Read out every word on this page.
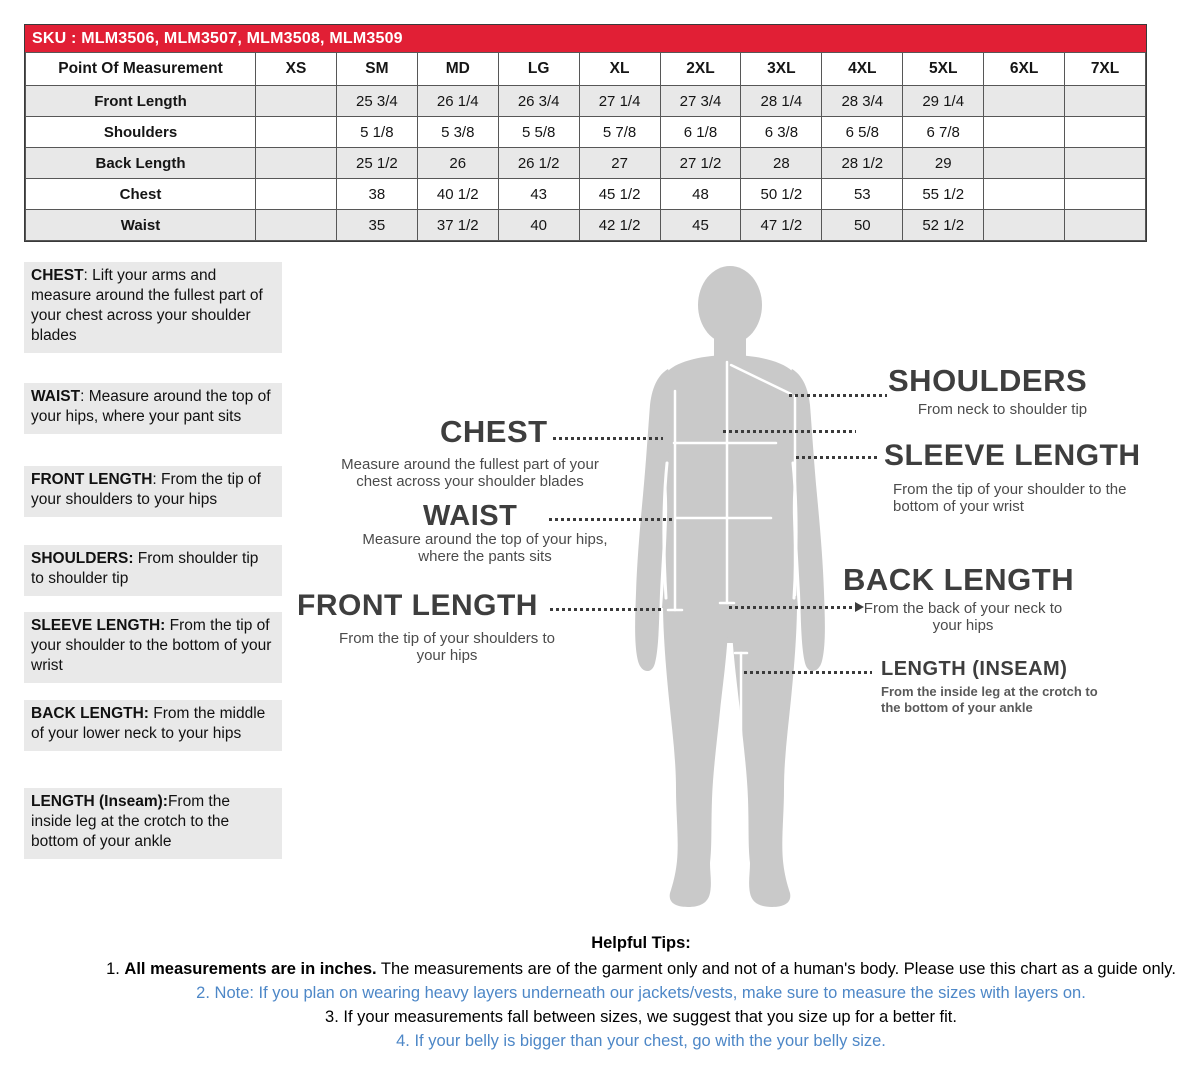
SKU : MLM3506, MLM3507, MLM3508, MLM3509
Point Of Measurement	XS	SM	MD	LG	XL	2XL	3XL	4XL	5XL	6XL	7XL
Front Length		25 3/4	26 1/4	26 3/4	27 1/4	27 3/4	28 1/4	28 3/4	29 1/4		
Shoulders		5 1/8	5 3/8	5 5/8	5 7/8	6 1/8	6 3/8	6 5/8	6 7/8		
Back Length		25 1/2	26	26 1/2	27	27 1/2	28	28 1/2	29		
Chest		38	40 1/2	43	45 1/2	48	50 1/2	53	55 1/2		
Waist		35	37 1/2	40	42 1/2	45	47 1/2	50	52 1/2		
CHEST: Lift your arms and measure around the fullest part of your chest across your shoulder blades
WAIST: Measure around the top of your hips, where your pant sits
FRONT LENGTH: From the tip of your shoulders to your hips
SHOULDERS: From shoulder tip to shoulder tip
SLEEVE LENGTH: From the tip of your shoulder to the bottom of your wrist
BACK LENGTH: From the middle of your lower neck to your hips
LENGTH (Inseam):From the inside leg at the crotch to the bottom of your ankle
CHEST
Measure around the fullest part of your chest across your shoulder blades
WAIST
Measure around the top of your hips, where the pants sits
FRONT LENGTH
From the tip of your shoulders to your hips
SHOULDERS
From neck to shoulder tip
SLEEVE LENGTH
From the tip of your shoulder to the bottom of your wrist
BACK LENGTH
From the back of your neck to your hips
LENGTH (INSEAM)
From the inside leg at the crotch to the bottom of your ankle
Helpful Tips:
1. All measurements are in inches. The measurements are of the garment only and not of a human's body. Please use this chart as a guide only.
2. Note: If you plan on wearing heavy layers underneath our jackets/vests, make sure to measure the sizes with layers on.
3. If your measurements fall between sizes, we suggest that you size up for a better fit.
4. If your belly is bigger than your chest, go with the your belly size.
